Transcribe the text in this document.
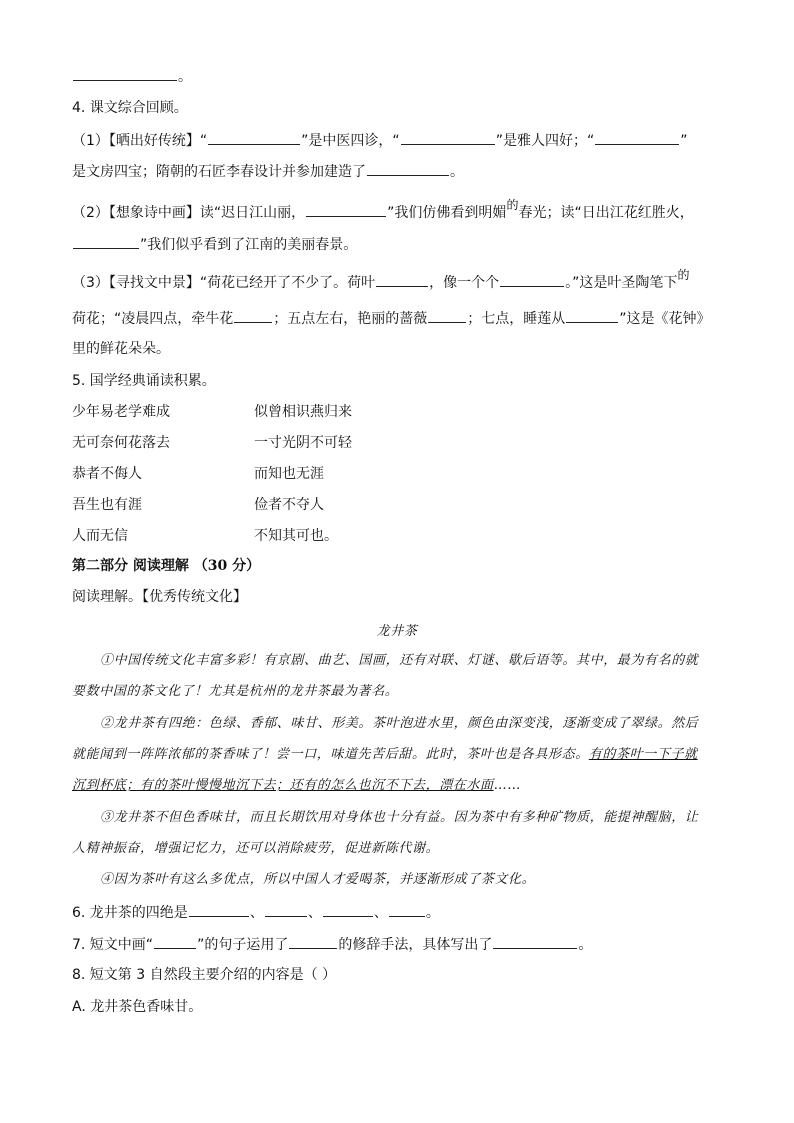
。
4. 课文综合回顾。
（1）【晒出好传统】“	”是中医四诊，“	”是雅人四好；“	”
是文房四宝；隋朝的石匠李春设计并参加建造了	。
（2）【想象诗中画】读“迟日江山丽，	”我们仿佛看到明媚的春光；读“日出江花红胜火，
”我们似乎看到了江南的美丽春景。
（3）【寻找文中景】“荷花已经开了不少了。荷叶	，像一个个	。”这是叶圣陶笔下的
荷花；“凌晨四点，牵牛花	；五点左右，艳丽的蔷薇	；七点，睡莲从	”这是《花钟》
里的鲜花朵朵。
5. 国学经典诵读积累。
少年易老学难成	似曾相识燕归来
无可奈何花落去	一寸光阴不可轻
恭者不侮人	而知也无涯
吾生也有涯	俭者不夺人
人而无信	不知其可也。
第二部分 阅读理解 （30 分）
阅读理解。【优秀传统文化】
龙井茶
①中国传统文化丰富多彩！有京剧、曲艺、国画，还有对联、灯谜、歇后语等。其中，最为有名的就
要数中国的茶文化了！尤其是杭州的龙井茶最为著名。
②龙井茶有四绝：色绿、香郁、味甘、形美。茶叶泡进水里，颜色由深变浅，逐渐变成了翠绿。然后
就能闻到一阵阵浓郁的茶香味了！尝一口，味道先苦后甜。此时，茶叶也是各具形态。有的茶叶一下子就
沉到杯底；有的茶叶慢慢地沉下去；还有的怎么也沉不下去，漂在水面……
③龙井茶不但色香味甘，而且长期饮用对身体也十分有益。因为茶中有多种矿物质，能提神醒脑，让
人精神振奋，增强记忆力，还可以消除疲劳，促进新陈代谢。
④因为茶叶有这么多优点，所以中国人才爱喝茶，并逐渐形成了茶文化。
6. 龙井茶的四绝是	、	、	、	。
7. 短文中画“	”的句子运用了	的修辞手法，具体写出了	。
8. 短文第 3 自然段主要介绍的内容是（ ）
A. 龙井茶色香味甘。
